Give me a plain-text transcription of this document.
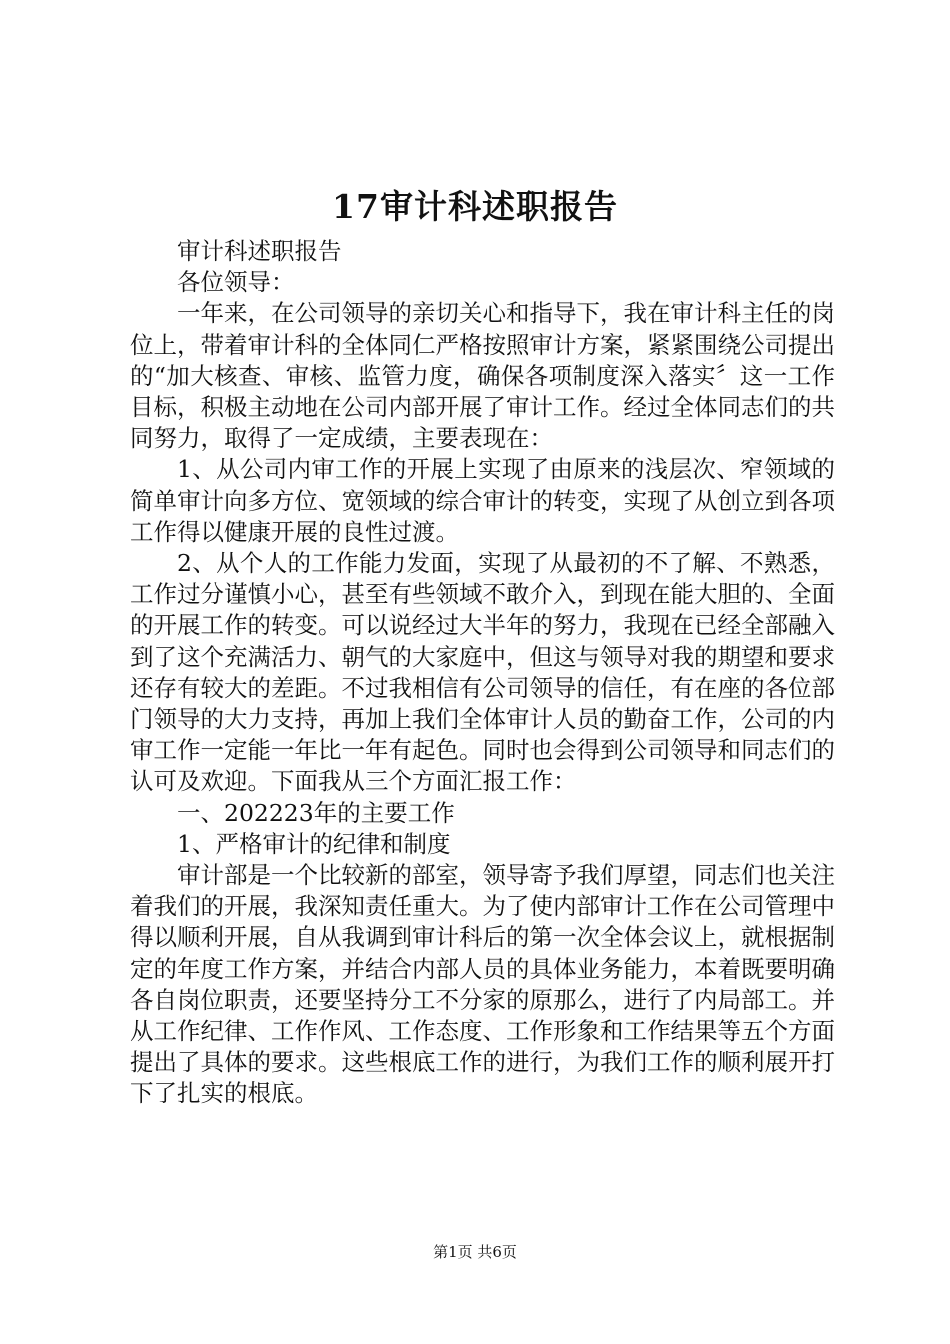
17审计科述职报告

审计科述职报告

各位领导：

一年来，在公司领导的亲切关心和指导下，我在审计科主任的岗位上，带着审计科的全体同仁严格按照审计方案，紧紧围绕公司提出的“加大核查、审核、监管力度，确保各项制度深入落实〞这一工作目标，积极主动地在公司内部开展了审计工作。经过全体同志们的共同努力，取得了一定成绩，主要表现在：

1、从公司内审工作的开展上实现了由原来的浅层次、窄领域的简单审计向多方位、宽领域的综合审计的转变，实现了从创立到各项工作得以健康开展的良性过渡。

2、从个人的工作能力发面，实现了从最初的不了解、不熟悉，工作过分谨慎小心，甚至有些领域不敢介入，到现在能大胆的、全面的开展工作的转变。可以说经过大半年的努力，我现在已经全部融入到了这个充满活力、朝气的大家庭中，但这与领导对我的期望和要求还存有较大的差距。不过我相信有公司领导的信任，有在座的各位部门领导的大力支持，再加上我们全体审计人员的勤奋工作，公司的内审工作一定能一年比一年有起色。同时也会得到公司领导和同志们的认可及欢迎。下面我从三个方面汇报工作：

一、202223年的主要工作

1、严格审计的纪律和制度

审计部是一个比较新的部室，领导寄予我们厚望，同志们也关注着我们的开展，我深知责任重大。为了使内部审计工作在公司管理中得以顺利开展，自从我调到审计科后的第一次全体会议上，就根据制定的年度工作方案，并结合内部人员的具体业务能力，本着既要明确各自岗位职责，还要坚持分工不分家的原那么，进行了内局部工。并从工作纪律、工作作风、工作态度、工作形象和工作结果等五个方面提出了具体的要求。这些根底工作的进行，为我们工作的顺利展开打下了扎实的根底。

第1页 共6页
